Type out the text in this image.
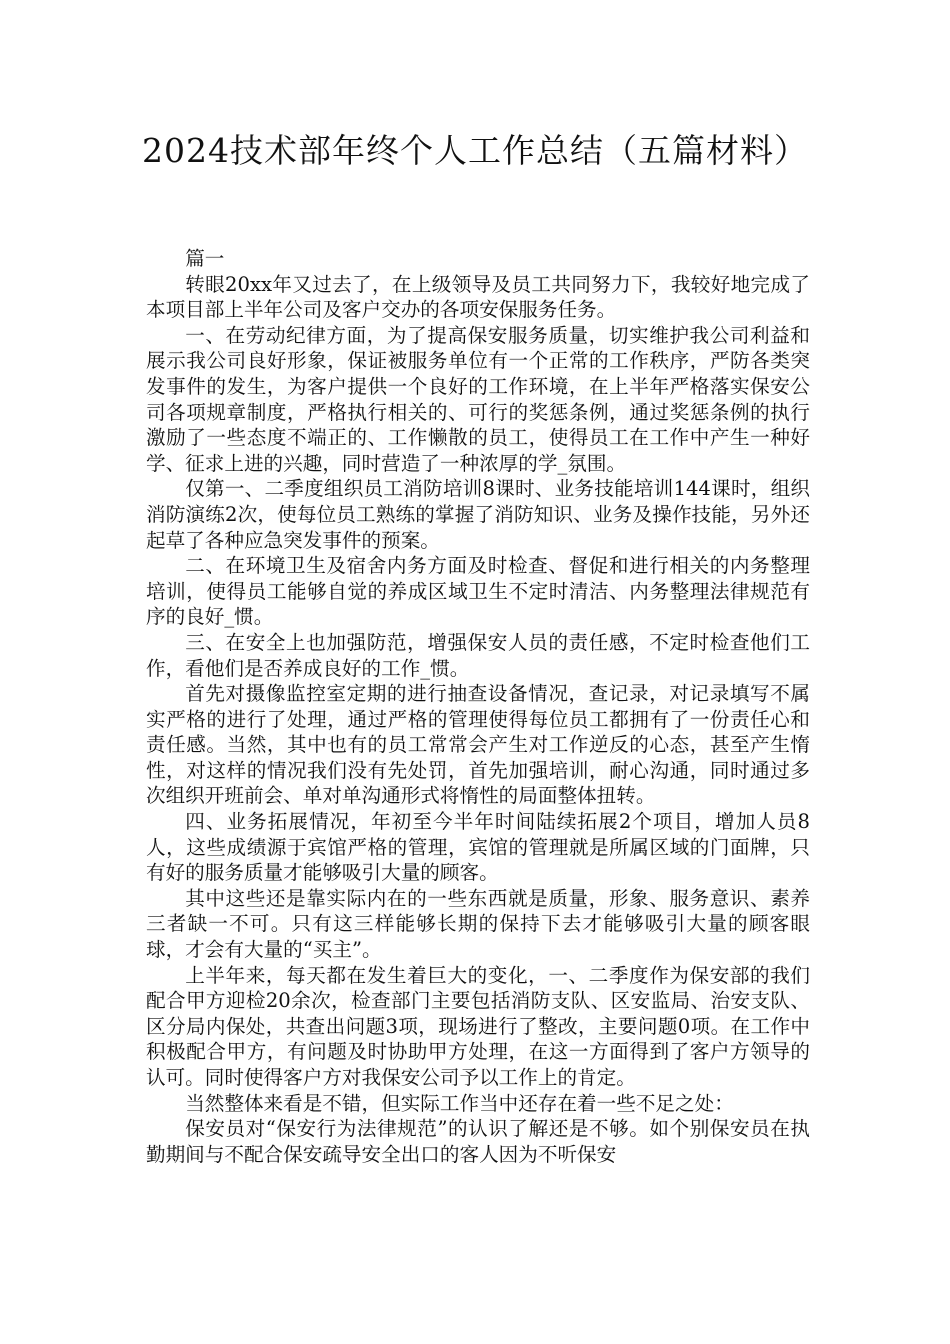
2024技术部年终个人工作总结（五篇材料）

篇一

转眼20xx年又过去了，在上级领导及员工共同努力下，我较好地完成了本项目部上半年公司及客户交办的各项安保服务任务。

一、在劳动纪律方面，为了提高保安服务质量，切实维护我公司利益和展示我公司良好形象，保证被服务单位有一个正常的工作秩序，严防各类突发事件的发生，为客户提供一个良好的工作环境，在上半年严格落实保安公司各项规章制度，严格执行相关的、可行的奖惩条例，通过奖惩条例的执行激励了一些态度不端正的、工作懒散的员工，使得员工在工作中产生一种好学、征求上进的兴趣，同时营造了一种浓厚的学_氛围。

仅第一、二季度组织员工消防培训8课时、业务技能培训144课时，组织消防演练2次，使每位员工熟练的掌握了消防知识、业务及操作技能，另外还起草了各种应急突发事件的预案。

二、在环境卫生及宿舍内务方面及时检查、督促和进行相关的内务整理培训，使得员工能够自觉的养成区域卫生不定时清洁、内务整理法律规范有序的良好_惯。

三、在安全上也加强防范，增强保安人员的责任感，不定时检查他们工作，看他们是否养成良好的工作_惯。

首先对摄像监控室定期的进行抽查设备情况，查记录，对记录填写不属实严格的进行了处理，通过严格的管理使得每位员工都拥有了一份责任心和责任感。当然，其中也有的员工常常会产生对工作逆反的心态，甚至产生惰性，对这样的情况我们没有先处罚，首先加强培训，耐心沟通，同时通过多次组织开班前会、单对单沟通形式将惰性的局面整体扭转。

四、业务拓展情况，年初至今半年时间陆续拓展2个项目，增加人员8人，这些成绩源于宾馆严格的管理，宾馆的管理就是所属区域的门面牌，只有好的服务质量才能够吸引大量的顾客。

其中这些还是靠实际内在的一些东西就是质量，形象、服务意识、素养三者缺一不可。只有这三样能够长期的保持下去才能够吸引大量的顾客眼球，才会有大量的“买主”。

上半年来，每天都在发生着巨大的变化，一、二季度作为保安部的我们配合甲方迎检20余次，检查部门主要包括消防支队、区安监局、治安支队、区分局内保处，共查出问题3项，现场进行了整改，主要问题0项。在工作中积极配合甲方，有问题及时协助甲方处理，在这一方面得到了客户方领导的认可。同时使得客户方对我保安公司予以工作上的肯定。

当然整体来看是不错，但实际工作当中还存在着一些不足之处：

保安员对“保安行为法律规范”的认识了解还是不够。如个别保安员在执勤期间与不配合保安疏导安全出口的客人因为不听保安
